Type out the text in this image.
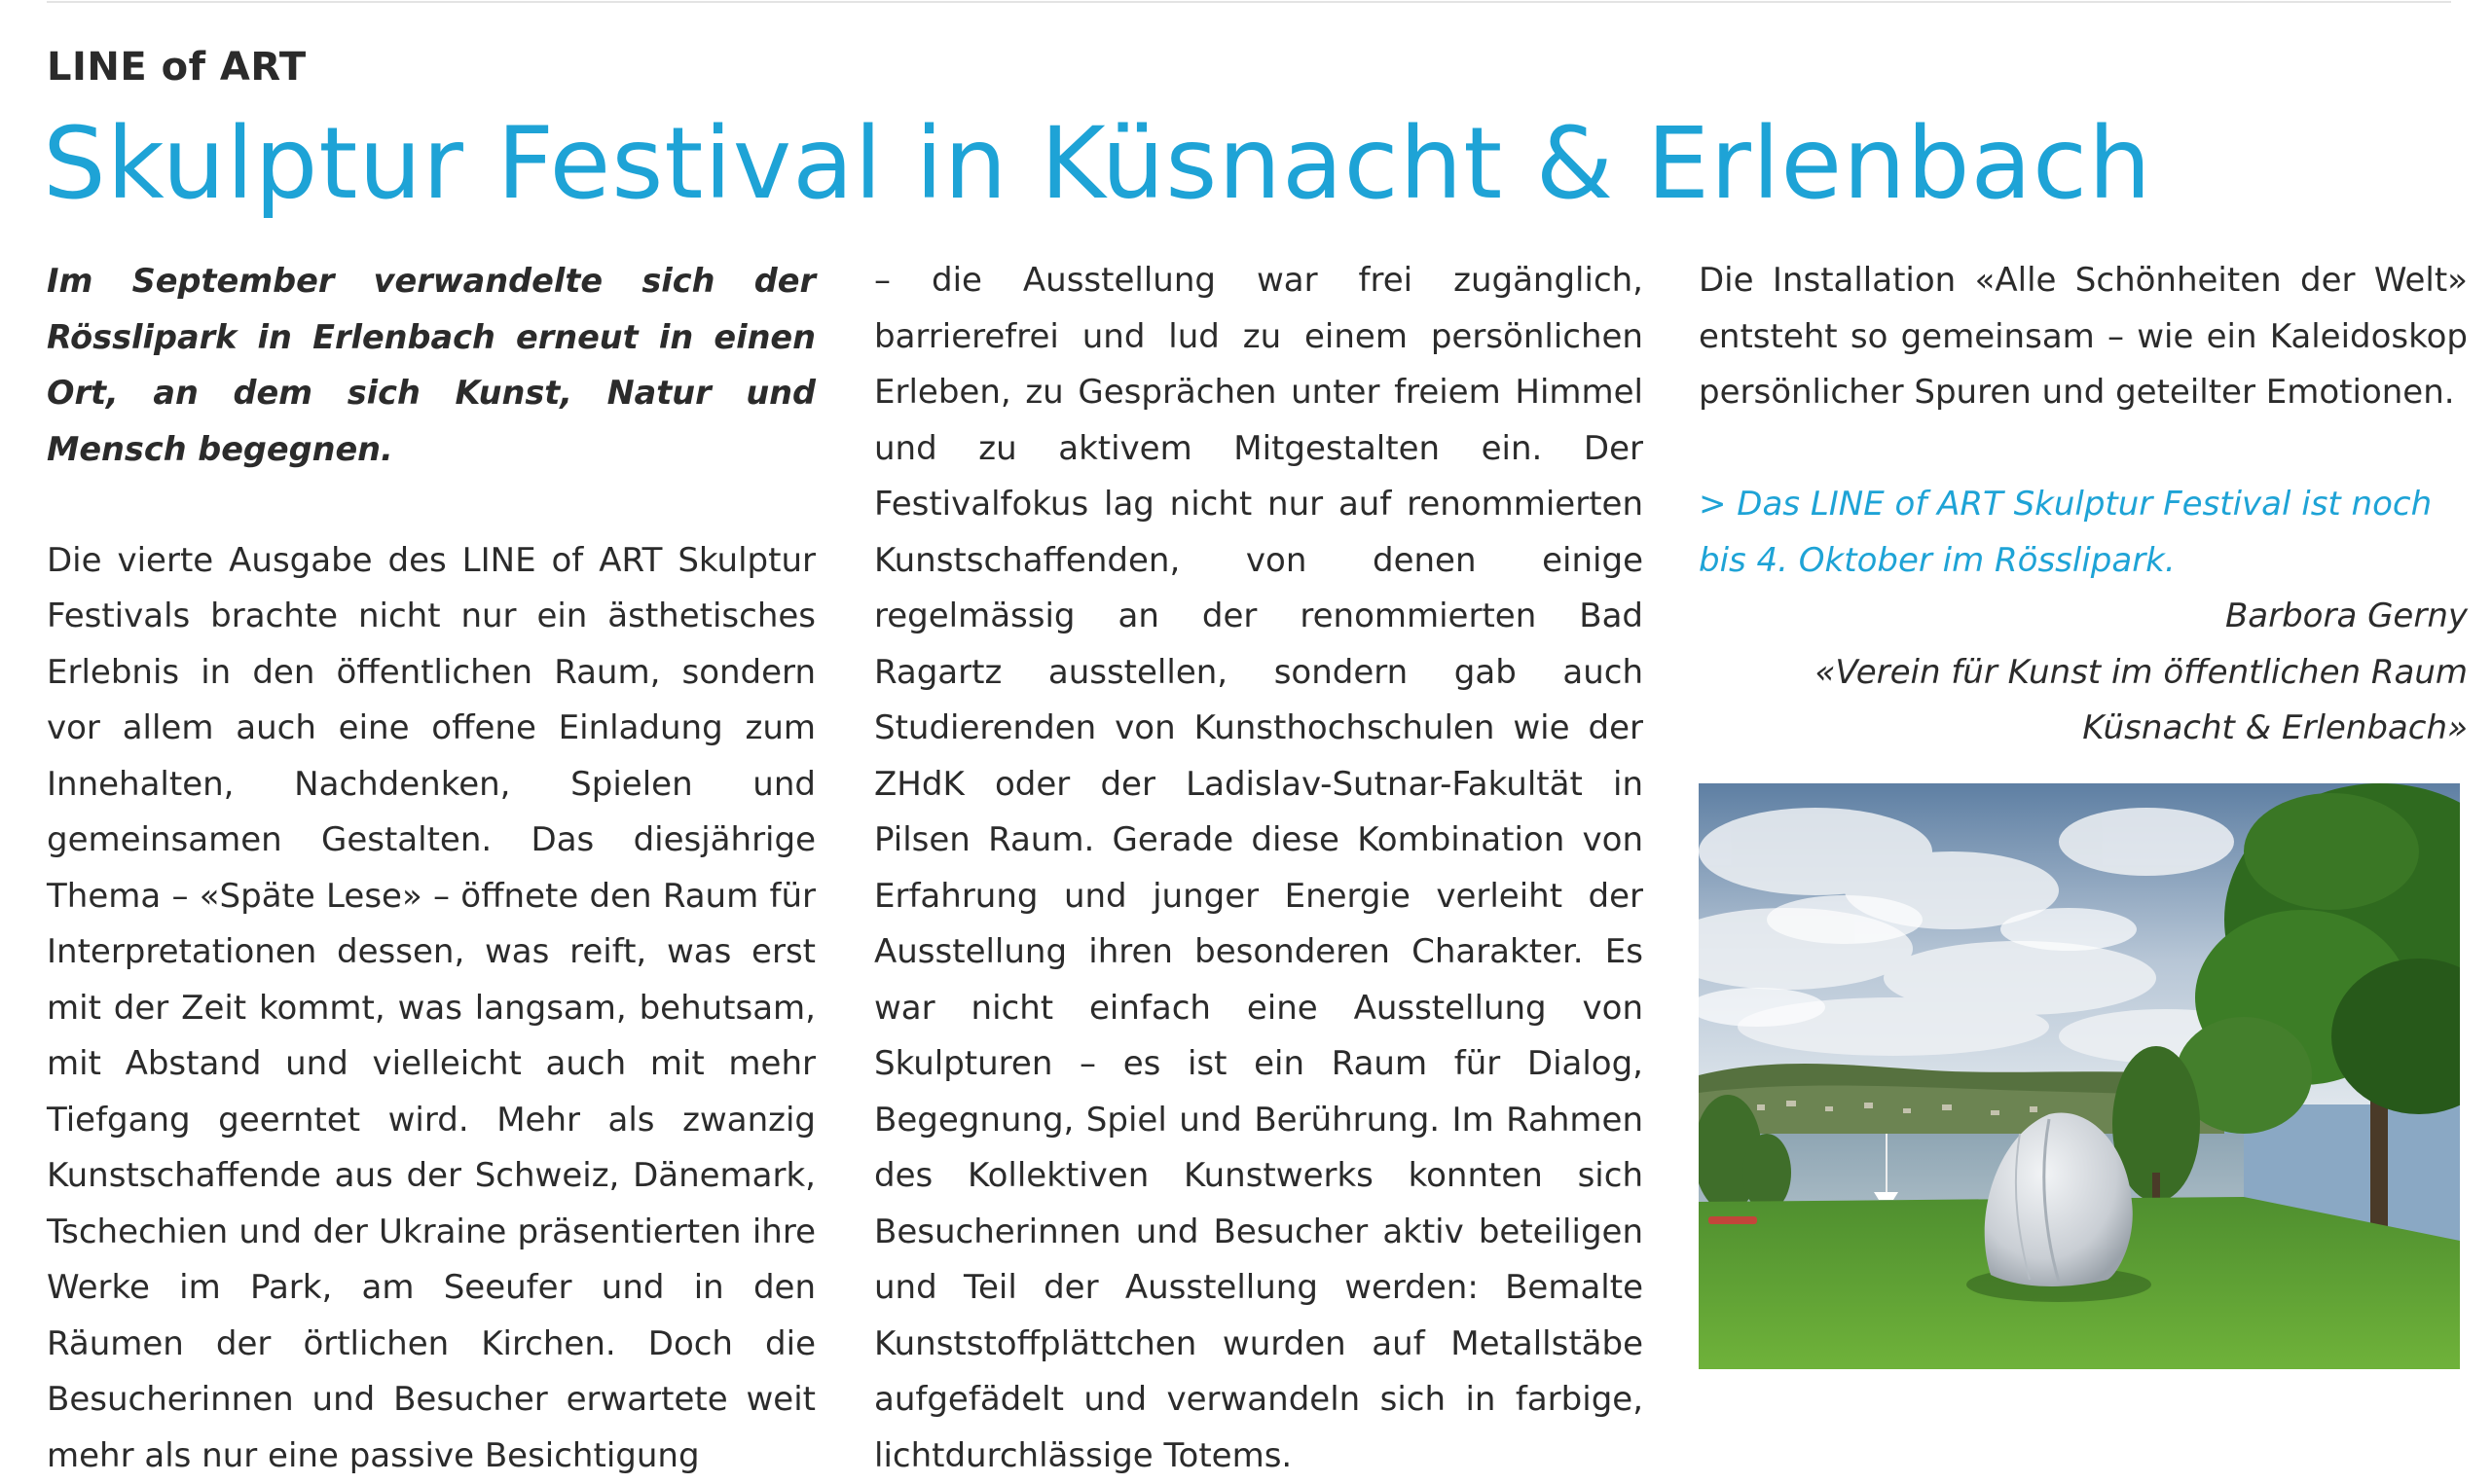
LINE of ART
Skulptur Festival in Küsnacht & Erlenbach

Im September verwandelte sich der Rösslipark in Erlenbach erneut in einen Ort, an dem sich Kunst, Natur und Mensch begegnen.

Die vierte Ausgabe des LINE of ART Skulptur Festivals brachte nicht nur ein ästhetisches Erlebnis in den öffentlichen Raum, sondern vor allem auch eine offene Einladung zum Innehalten, Nachdenken, Spielen und gemeinsamen Gestalten. Das diesjährige Thema – «Späte Lese» – öffnete den Raum für Interpretationen dessen, was reift, was erst mit der Zeit kommt, was langsam, behutsam, mit Abstand und vielleicht auch mit mehr Tiefgang geerntet wird. Mehr als zwanzig Kunstschaffende aus der Schweiz, Dänemark, Tschechien und der Ukraine präsentierten ihre Werke im Park, am Seeufer und in den Räumen der örtlichen Kirchen. Doch die Besucherinnen und Besucher erwartete weit mehr als nur eine passive Besichtigung

– die Ausstellung war frei zugänglich, barrierefrei und lud zu einem persönlichen Erleben, zu Gesprächen unter freiem Himmel und zu aktivem Mitgestalten ein. Der Festivalfokus lag nicht nur auf renommierten Kunstschaffenden, von denen einige regelmässig an der renommierten Bad Ragartz ausstellen, sondern gab auch Studierenden von Kunsthochschulen wie der ZHdK oder der Ladislav-Sutnar-Fakultät in Pilsen Raum. Gerade diese Kombination von Erfahrung und junger Energie verleiht der Ausstellung ihren besonderen Charakter. Es war nicht einfach eine Ausstellung von Skulpturen – es ist ein Raum für Dialog, Begegnung, Spiel und Berührung. Im Rahmen des Kollektiven Kunstwerks konnten sich Besucherinnen und Besucher aktiv beteiligen und Teil der Ausstellung werden: Bemalte Kunststoffplättchen wurden auf Metallstäbe aufgefädelt und verwandeln sich in farbige, lichtdurchlässige Totems.

Die Installation «Alle Schönheiten der Welt» entsteht so gemeinsam – wie ein Kaleidoskop persönlicher Spuren und geteilter Emotionen.

> Das LINE of ART Skulptur Festival ist noch bis 4. Oktober im Rösslipark.

Barbora Gerny
«Verein für Kunst im öffentlichen Raum
Küsnacht & Erlenbach»
